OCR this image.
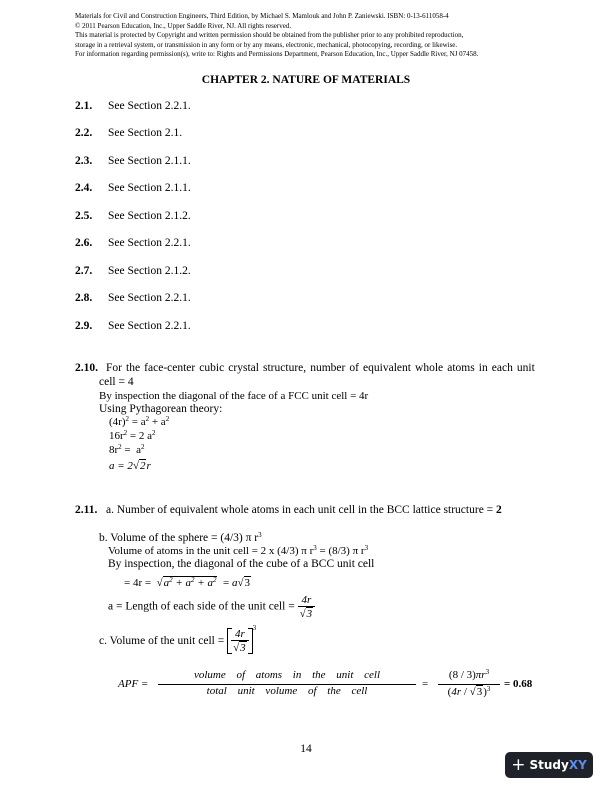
Materials for Civil and Construction Engineers, Third Edition, by Michael S. Mamlouk and John P. Zaniewski. ISBN: 0-13-611058-4
© 2011 Pearson Education, Inc., Upper Saddle River, NJ. All rights reserved.
This material is protected by Copyright and written permission should be obtained from the publisher prior to any prohibited reproduction,
storage in a retrieval system, or transmission in any form or by any means, electronic, mechanical, photocopying, recording, or likewise.
For information regarding permission(s), write to: Rights and Permissions Department, Pearson Education, Inc., Upper Saddle River, NJ 07458.
CHAPTER 2. NATURE OF MATERIALS
2.1. See Section 2.2.1.
2.2. See Section 2.1.
2.3. See Section 2.1.1.
2.4. See Section 2.1.1.
2.5. See Section 2.1.2.
2.6. See Section 2.2.1.
2.7. See Section 2.1.2.
2.8. See Section 2.2.1.
2.9. See Section 2.2.1.
2.10. For the face-center cubic crystal structure, number of equivalent whole atoms in each unit
cell = 4
By inspection the diagonal of the face of a FCC unit cell = 4r
Using Pythagorean theory:
$(4r)^2 = a^2 + a^2$
$16r^2 = 2$ $a^2$
$8r^2 = a^2$
a = 2√2r
2.11. a. Number of equivalent whole atoms in each unit cell in the BCC lattice structure = 2
b. Volume of the sphere = (4/3) π $r^3$
Volume of atoms in the unit cell = 2 x (4/3) π $r^3 = (8/3)$ π $r^3$
By inspection, the diagonal of the cube of a BCC unit cell
= $4r = √a^2 + a^2 + a^2 = a√3$
a = Length of each side of the unit cell = $\frac{4r}{√3}$
c. Volume of the unit cell = $\frac{4r}{√3}$
$^3$
APF =
volume of atoms in the unit cell
total unit volume of the cell
= $\frac{(8 / 3)\pi r^3}{(4r / √3)^3} = 0.68$
14
+ StudyXY
